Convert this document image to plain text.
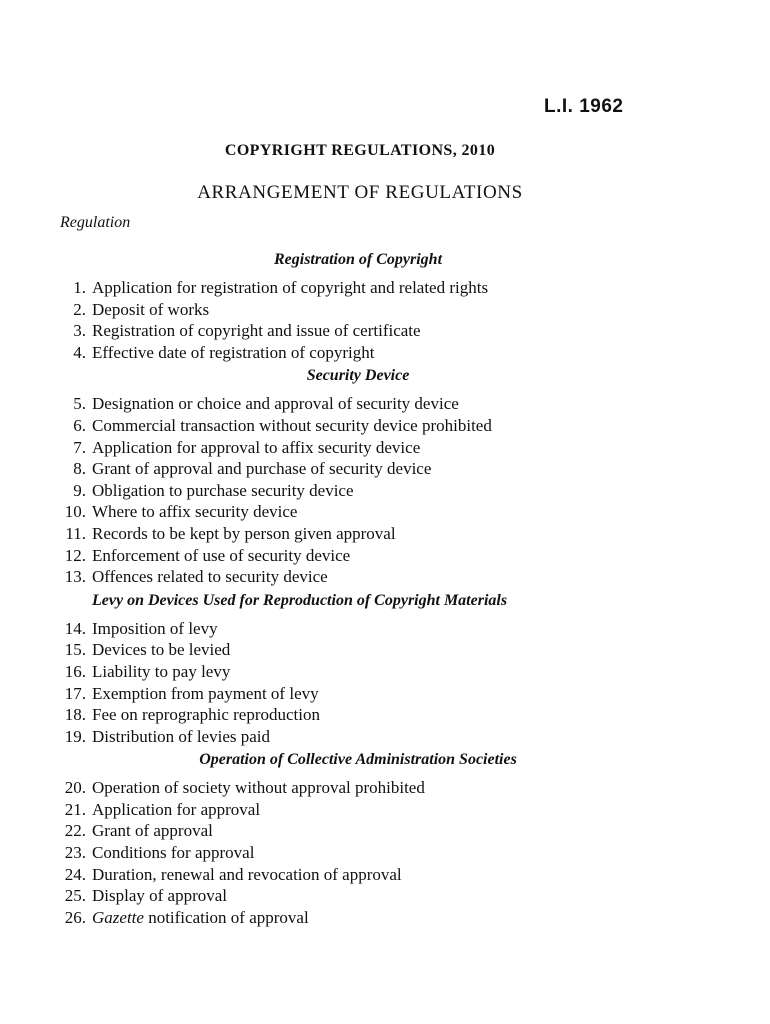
L.I. 1962
COPYRIGHT REGULATIONS, 2010
ARRANGEMENT OF REGULATIONS
Regulation
Registration of Copyright
1. Application for registration of copyright and related rights
2. Deposit of works
3. Registration of copyright and issue of certificate
4. Effective date of registration of copyright
Security Device
5. Designation or choice and approval of security device
6. Commercial transaction without security device prohibited
7. Application for approval to affix security device
8. Grant of approval and purchase of security device
9. Obligation to purchase security device
10. Where to affix security device
11. Records to be kept by person given approval
12. Enforcement of use of security device
13. Offences related to security device
Levy on Devices Used for Reproduction of Copyright Materials
14. Imposition of levy
15. Devices to be levied
16. Liability to pay levy
17. Exemption from payment of levy
18. Fee on reprographic reproduction
19. Distribution of levies paid
Operation of Collective Administration Societies
20. Operation of society without approval prohibited
21. Application for approval
22. Grant of approval
23. Conditions for approval
24. Duration, renewal and revocation of approval
25. Display of approval
26. Gazette notification of approval
